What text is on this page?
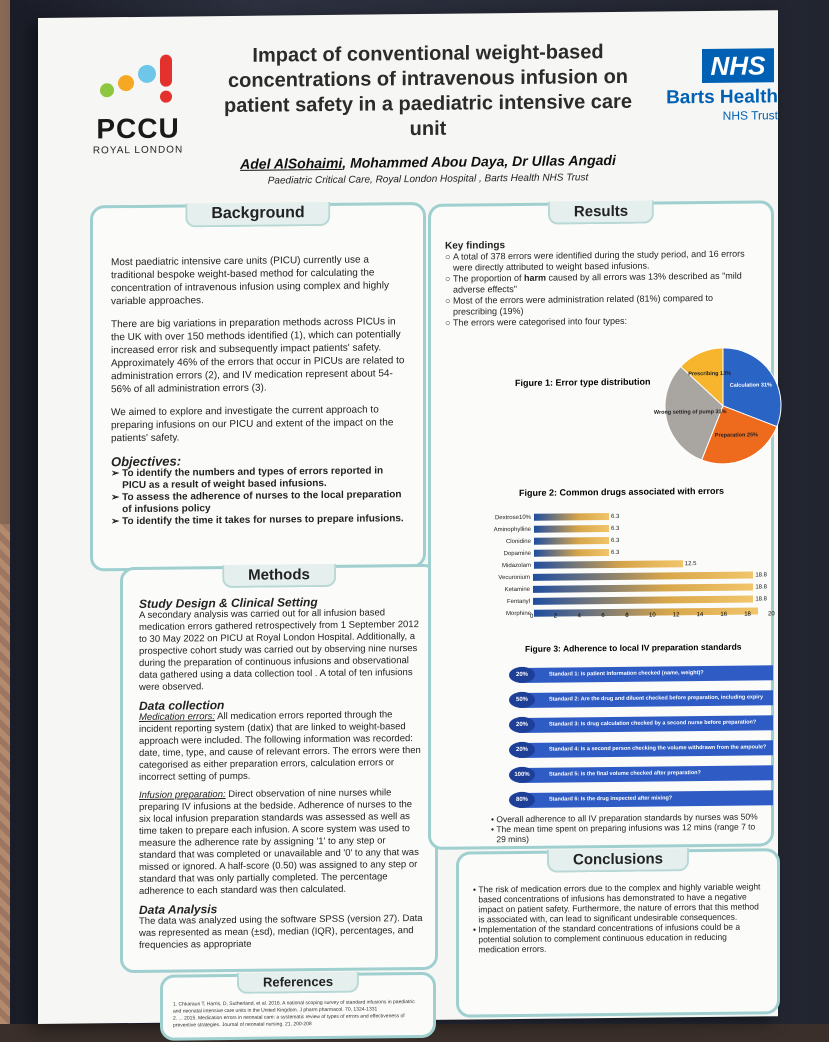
PCCU
ROYAL LONDON
Impact of conventional weight-based concentrations of intravenous infusion on patient safety in a paediatric intensive care unit
NHS
Barts Health
NHS Trust
Adel AlSohaimi, Mohammed Abou Daya, Dr Ullas Angadi
Paediatric Critical Care, Royal London Hospital , Barts Health NHS Trust
Background

Most paediatric intensive care units (PICU) currently use a traditional bespoke weight-based method for calculating the concentration of intravenous infusion using complex and highly variable approaches.

There are big variations in preparation methods across PICUs in the UK with over 150 methods identified (1), which can potentially increased error risk and subsequently impact patients' safety. Approximately 46% of the errors that occur in PICUs are related to administration errors (2), and IV medication represent about 54-56% of all administration errors (3).

We aimed to explore and investigate the current approach to preparing infusions on our PICU and extent of the impact on the patients' safety.

Objectives:
➢ To identify the numbers and types of errors reported in PICU as a result of weight based infusions.
➢ To assess the adherence of nurses to the local preparation of infusions policy
➢ To identify the time it takes for nurses to prepare infusions.
Methods
Study Design & Clinical Setting

A secondary analysis was carried out for all infusion based medication errors gathered retrospectively from 1 September 2012 to 30 May 2022 on PICU at Royal London Hospital. Additionally, a prospective cohort study was carried out by observing nine nurses during the preparation of continuous infusions and observational data gathered using a data collection tool . A total of ten infusions were observed.

Data collection

Medication errors: All medication errors reported through the incident reporting system (datix) that are linked to weight-based approach were included. The following information was recorded: date, time, type, and cause of relevant errors. The errors were then categorised as either preparation errors, calculation errors or incorrect setting of pumps.

Infusion preparation: Direct observation of nine nurses while preparing IV infusions at the bedside. Adherence of nurses to the six local infusion preparation standards was assessed as well as time taken to prepare each infusion. A score system was used to measure the adherence rate by assigning '1' to any step or standard that was completed or unavailable and '0' to any that was missed or ignored. A half-score (0.50) was assigned to any step or standard that was only partially completed. The percentage adherence to each standard was then calculated.

Data Analysis

The data was analyzed using the software SPSS (version 27). Data was represented as mean (±sd), median (IQR), percentages, and frequencies as appropriate

References
1. Chkarauri T, Harris, D, Sutherland, et al. 2016. A national scoping survey of standard infusions in paediatric and neonatal intensive care units in the United Kingdom. J pharm pharmacol. 70, 1324-1331
2. ... 2015. Medication errors in neonatal care: a systematic review of types of errors and effectiveness of preventive strategies. Journal of neonatal nursing. 21, 200-208
Results
Key findings
○ A total of 378 errors were identified during the study period, and 16 errors were directly attributed to weight based infusions.
○ The proportion of harm caused by all errors was 13% described as "mild adverse effects"
○ Most of the errors were administration related (81%) compared to prescribing (19%)
○ The errors were categorised into four types:
Figure 1: Error type distribution	Calculation 31%
Preparation 25%
Wrong setting of pump 31%
Prescribing 13%
Figure 2: Common drugs associated with errors
Dextrose10%	6.3
Aminophylline	6.3
Clonidine	6.3
Dopamine	6.3
Midazolam	12.5
Vecuronium	18.8
Ketamine	18.8
Fentanyl	18.8
Morphine
0	2	4	6	8	10	12	14	16	18	20
Figure 3: Adherence to local IV preparation standards
Standard 1: Is patient information checked (name, weight)?
20%
Standard 2: Are the drug and diluent checked before preparation, including expiry date?
50%
Standard 3: Is drug calculation checked by a second nurse before preparation?
20%
Standard 4: Is a second person checking the volume withdrawn from the ampoule?
20%
Standard 5: Is the final volume checked after preparation?
100%
Standard 6: Is the drug inspected after mixing?
80%
• Overall adherence to all IV preparation standards by nurses was 50%
• The mean time spent on preparing infusions was 12 mins (range 7 to 29 mins)
Conclusions
• The risk of medication errors due to the complex and highly variable weight based concentrations of infusions has demonstrated to have a negative impact on patient safety. Furthermore, the nature of errors that this method is associated with, can lead to significant undesirable consequences.
• Implementation of the standard concentrations of infusions could be a potential solution to complement continuous education in reducing medication errors.
